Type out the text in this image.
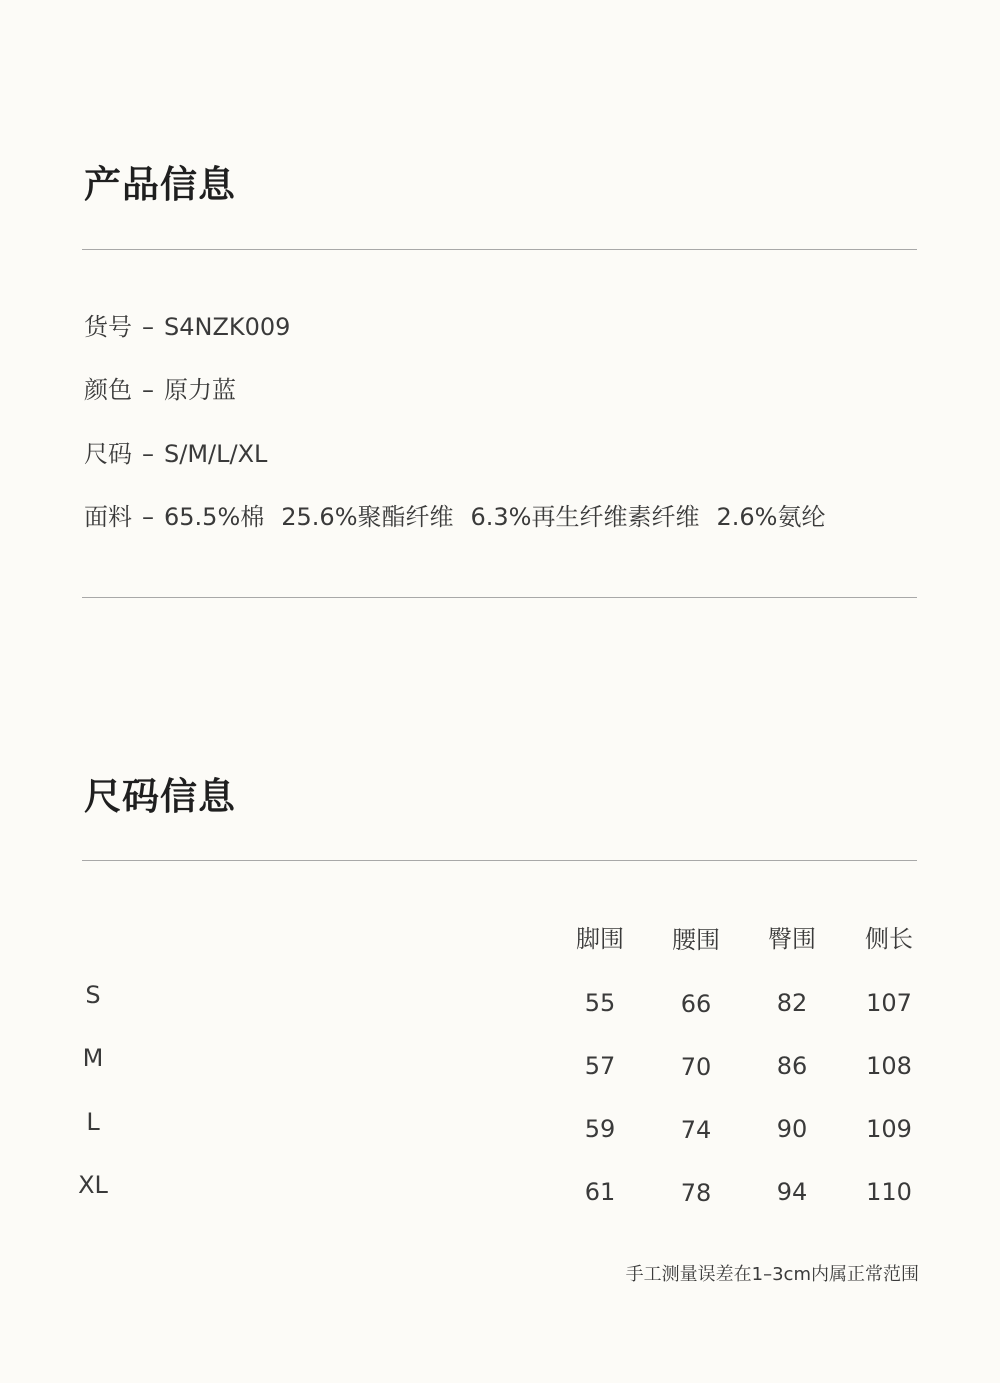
产品信息
货号 – S4NZK009
颜色 – 原力蓝
尺码 – S/M/L/XL
面料 – 65.5%棉 25.6%聚酯纤维 6.3%再生纤维素纤维 2.6%氨纶
尺码信息
脚围 腰围 臀围 侧长
S	55	66	82 107
M	57	70	86 108
L	59	74	90 109
XL	61	78	94 110
手工测量误差在1–3cm内属正常范围
